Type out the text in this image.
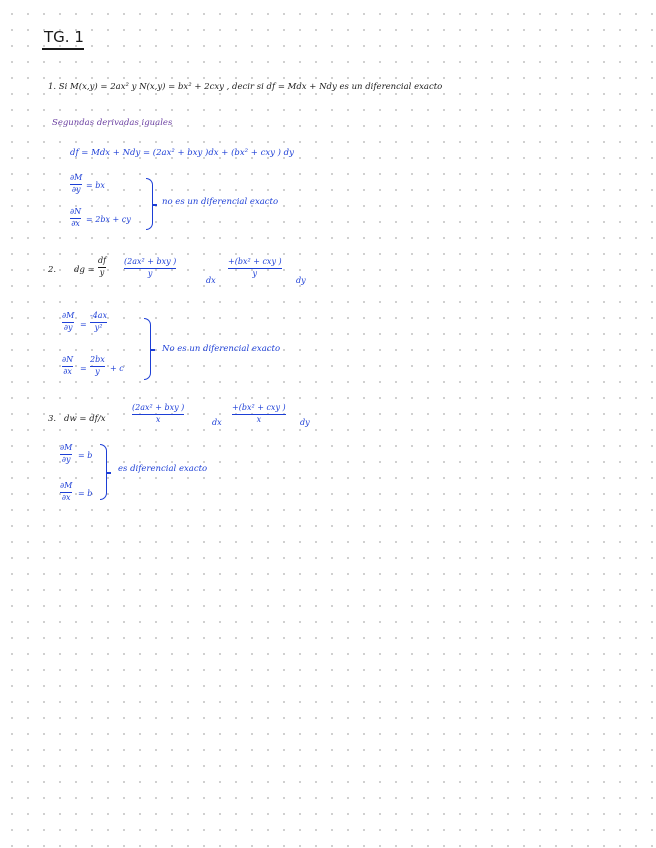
TG. 1
1. Si M(x,y) = 2ax² y N(x,y) = bx² + 2cxy , decir si df = Mdx + Ndy es un diferencial exacto
Segundas derivadas iguales
df = Mdx + Ndy = (2ax² + bxy )dx + (bx² + cxy ) dy
∂M
∂y = bx
∂N
∂x = 2bx + cy
no es un diferencial exacto
2. dg =
df
y
(2ax² + bxy )
y
dx
+(bx² + cxy )
y
dy
∂M
∂y =
-4ax
y²
∂N
∂x =
2bx
y + c
No es un diferencial exacto
3. dw = df/x
(2ax² + bxy )
x	dx
+(bx² + cxy )
x	dy
∂M
∂y = b
∂M
∂x = b
es diferencial exacto
